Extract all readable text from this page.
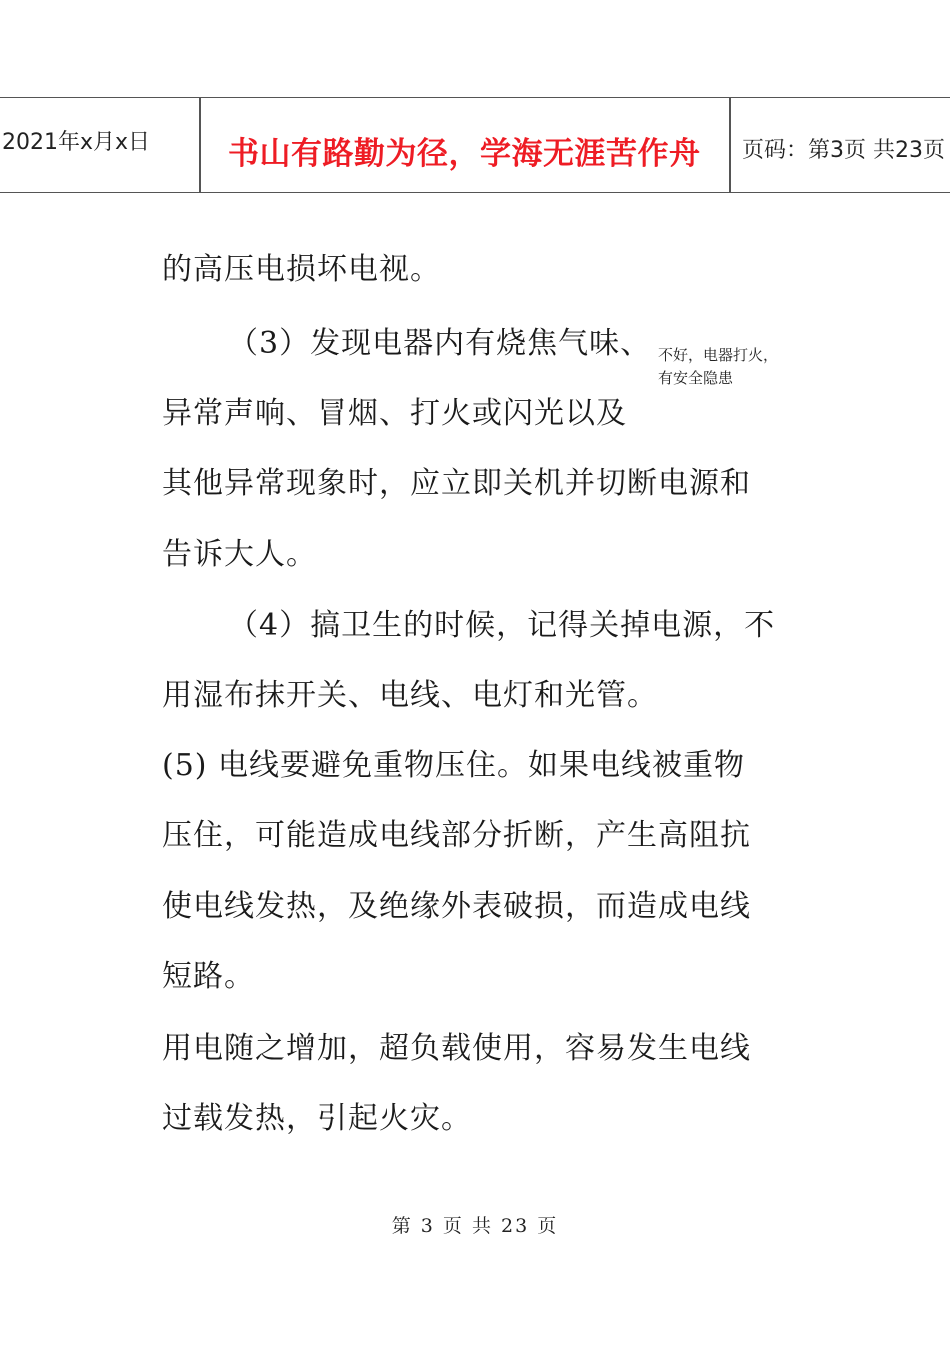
2021年x月x日	书山有路勤为径，学海无涯苦作舟 页码：第3页 共23页
的高压电损坏电视。
（3）发现电器内有烧焦气味、
异常声响、冒烟、打火或闪光以及
其他异常现象时，应立即关机并切断电源和
告诉大人。
（4）搞卫生的时候，记得关掉电源，不
用湿布抹开关、电线、电灯和光管。
(5) 电线要避免重物压住。如果电线被重物
压住，可能造成电线部分折断，产生高阻抗
使电线发热，及绝缘外表破损，而造成电线
短路。
用电随之增加，超负载使用，容易发生电线
过载发热，引起火灾。
不好，电器打火，
有安全隐患
第 3 页 共 23 页
